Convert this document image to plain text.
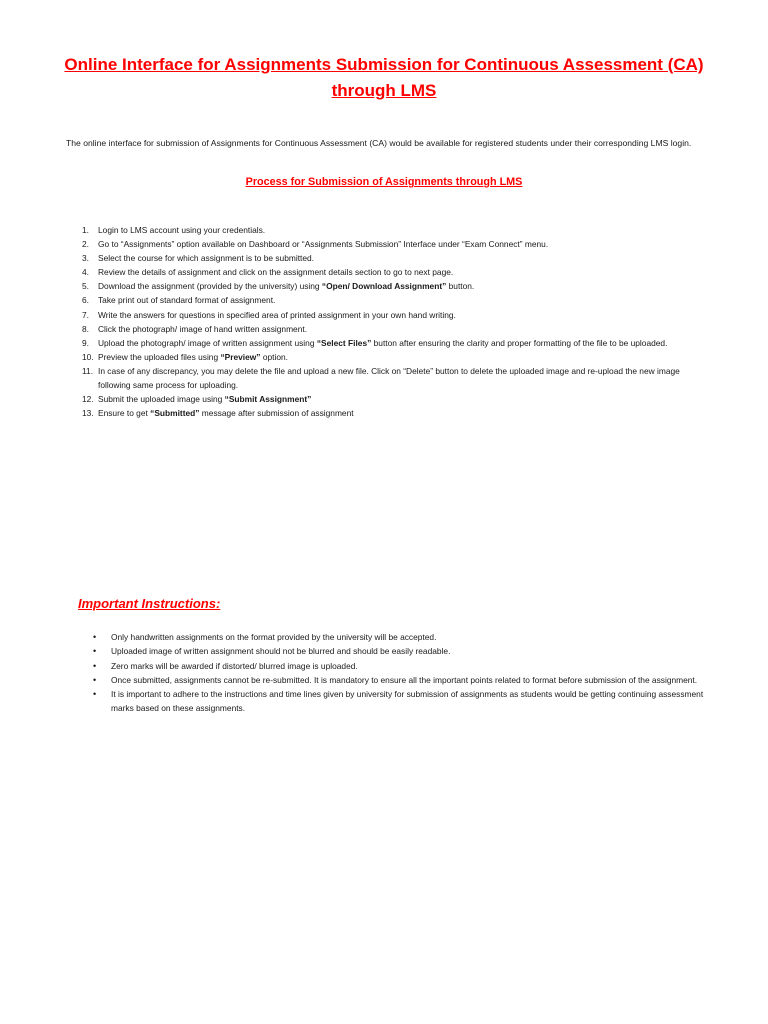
Online Interface for Assignments Submission for Continuous Assessment (CA)
through LMS

The online interface for submission of Assignments for Continuous Assessment (CA) would be available for registered students under their corresponding LMS login.

Process for Submission of Assignments through LMS
1. Login to LMS account using your credentials.
2. Go to “Assignments” option available on Dashboard or “Assignments Submission” Interface under “Exam Connect” menu.
3. Select the course for which assignment is to be submitted.
4. Review the details of assignment and click on the assignment details section to go to next page.
5. Download the assignment (provided by the university) using “Open/ Download Assignment” button.
6. Take print out of standard format of assignment.
7. Write the answers for questions in specified area of printed assignment in your own hand writing.
8. Click the photograph/ image of hand written assignment.
9. Upload the photograph/ image of written assignment using “Select Files” button after ensuring the clarity and proper formatting of the file to be uploaded.
10. Preview the uploaded files using “Preview” option.
11. In case of any discrepancy, you may delete the file and upload a new file. Click on “Delete” button to delete the uploaded image and re-upload the new image following same process for uploading.
12. Submit the uploaded image using “Submit Assignment”
13. Ensure to get “Submitted” message after submission of assignment
Important Instructions:
• Only handwritten assignments on the format provided by the university will be accepted.
• Uploaded image of written assignment should not be blurred and should be easily readable.
• Zero marks will be awarded if distorted/ blurred image is uploaded.
• Once submitted, assignments cannot be re-submitted. It is mandatory to ensure all the important points related to format before submission of the assignment.
• It is important to adhere to the instructions and time lines given by university for submission of assignments as students would be getting continuing assessment marks based on these assignments.
